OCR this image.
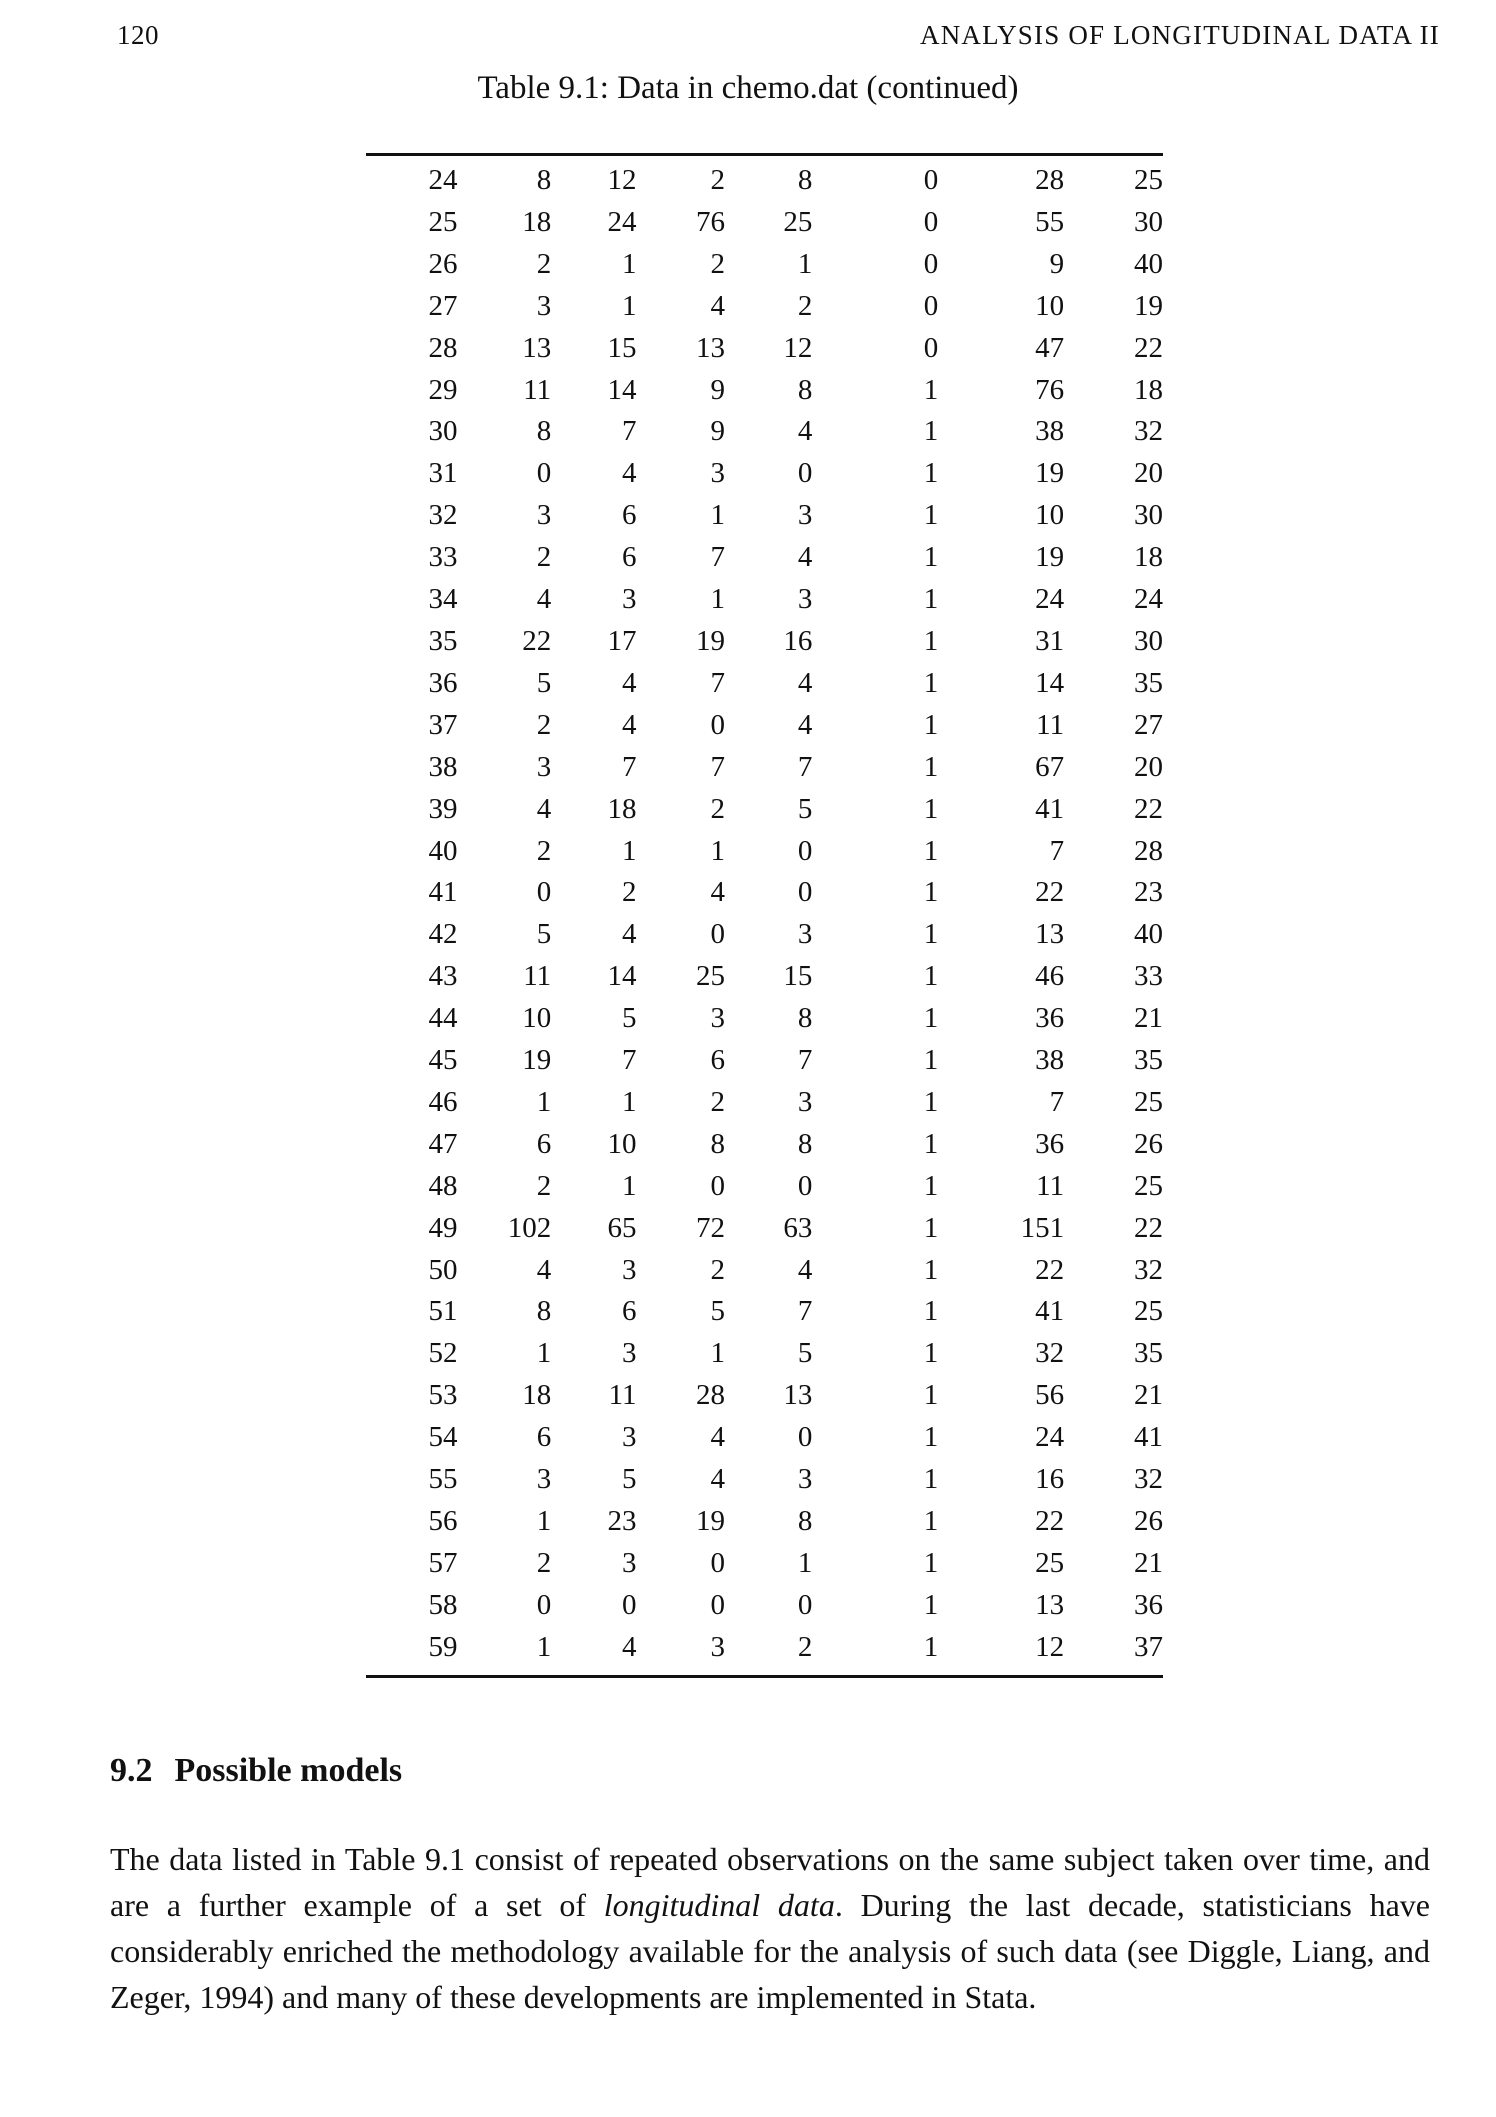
120	ANALYSIS OF LONGITUDINAL DATA II
Table 9.1: Data in chemo.dat (continued)
24	8	12	2	8	0	28	25
25	18	24	76	25	0	55	30
26	2	1	2	1	0	9	40
27	3	1	4	2	0	10	19
28	13	15	13	12	0	47	22
29	11	14	9	8	1	76	18
30	8	7	9	4	1	38	32
31	0	4	3	0	1	19	20
32	3	6	1	3	1	10	30
33	2	6	7	4	1	19	18
34	4	3	1	3	1	24	24
35	22	17	19	16	1	31	30
36	5	4	7	4	1	14	35
37	2	4	0	4	1	11	27
38	3	7	7	7	1	67	20
39	4	18	2	5	1	41	22
40	2	1	1	0	1	7	28
41	0	2	4	0	1	22	23
42	5	4	0	3	1	13	40
43	11	14	25	15	1	46	33
44	10	5	3	8	1	36	21
45	19	7	6	7	1	38	35
46	1	1	2	3	1	7	25
47	6	10	8	8	1	36	26
48	2	1	0	0	1	11	25
49	102	65	72	63	1	151	22
50	4	3	2	4	1	22	32
51	8	6	5	7	1	41	25
52	1	3	1	5	1	32	35
53	18	11	28	13	1	56	21
54	6	3	4	0	1	24	41
55	3	5	4	3	1	16	32
56	1	23	19	8	1	22	26
57	2	3	0	1	1	25	21
58	0	0	0	0	1	13	36
59	1	4	3	2	1	12	37
9.2 Possible models
The data listed in Table 9.1 consist of repeated observations on the same subject taken over time, and are a further example of a set of longitudinal data. During the last decade, statisticians have considerably enriched the methodology available for the analysis of such data (see Diggle, Liang, and Zeger, 1994) and many of these developments are implemented in Stata.
